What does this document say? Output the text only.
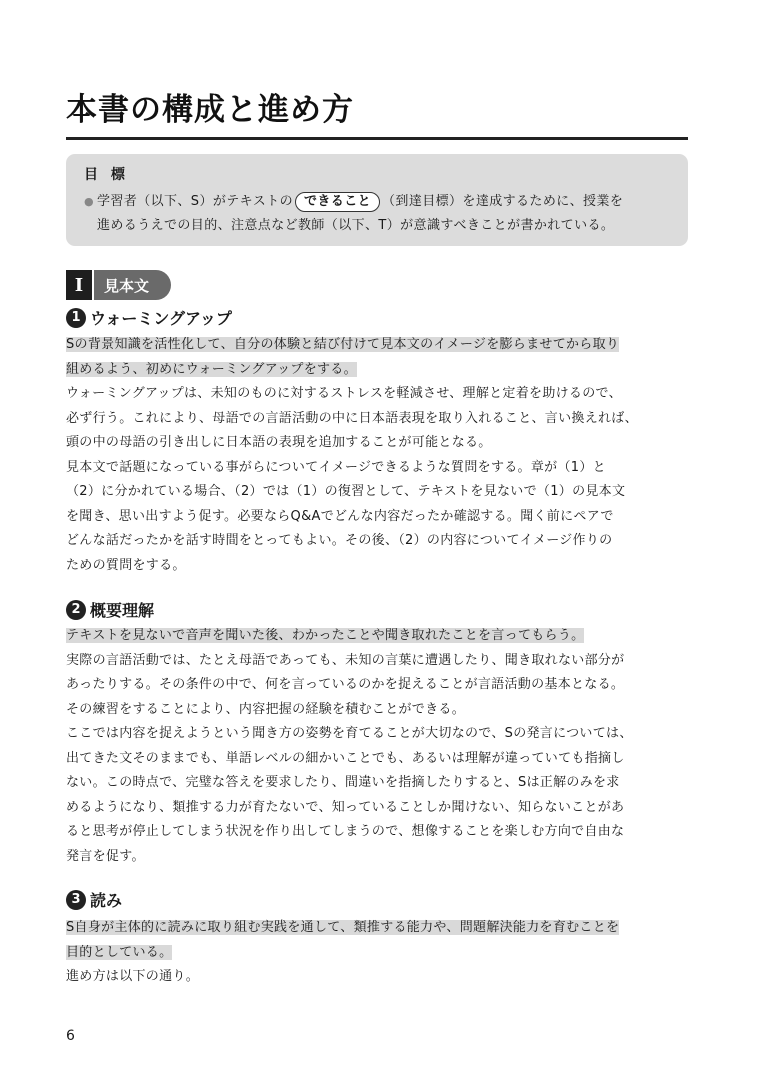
本書の構成と進め方
目 標
● 学習者（以下、S）がテキストの できること （到達目標）を達成するために、授業を
進めるうえでの目的、注意点など教師（以下、T）が意識すべきことが書かれている。
I	見本文
1 ウォーミングアップ
Sの背景知識を活性化して、自分の体験と結び付けて見本文のイメージを膨らませてから取り
組めるよう、初めにウォーミングアップをする。
ウォーミングアップは、未知のものに対するストレスを軽減させ、理解と定着を助けるので、
必ず行う。これにより、母語での言語活動の中に日本語表現を取り入れること、言い換えれば、
頭の中の母語の引き出しに日本語の表現を追加することが可能となる。
見本文で話題になっている事がらについてイメージできるような質問をする。章が（1）と
（2）に分かれている場合、（2）では（1）の復習として、テキストを見ないで（1）の見本文
を聞き、思い出すよう促す。必要ならQ&Aでどんな内容だったか確認する。聞く前にペアで
どんな話だったかを話す時間をとってもよい。その後、（2）の内容についてイメージ作りの
ための質問をする。
2 概要理解
テキストを見ないで音声を聞いた後、わかったことや聞き取れたことを言ってもらう。
実際の言語活動では、たとえ母語であっても、未知の言葉に遭遇したり、聞き取れない部分が
あったりする。その条件の中で、何を言っているのかを捉えることが言語活動の基本となる。
その練習をすることにより、内容把握の経験を積むことができる。
ここでは内容を捉えようという聞き方の姿勢を育てることが大切なので、Sの発言については、
出てきた文そのままでも、単語レベルの細かいことでも、あるいは理解が違っていても指摘し
ない。この時点で、完璧な答えを要求したり、間違いを指摘したりすると、Sは正解のみを求
めるようになり、類推する力が育たないで、知っていることしか聞けない、知らないことがあ
ると思考が停止してしまう状況を作り出してしまうので、想像することを楽しむ方向で自由な
発言を促す。
3 読み
S自身が主体的に読みに取り組む実践を通して、類推する能力や、問題解決能力を育むことを
目的としている。
進め方は以下の通り。
6
